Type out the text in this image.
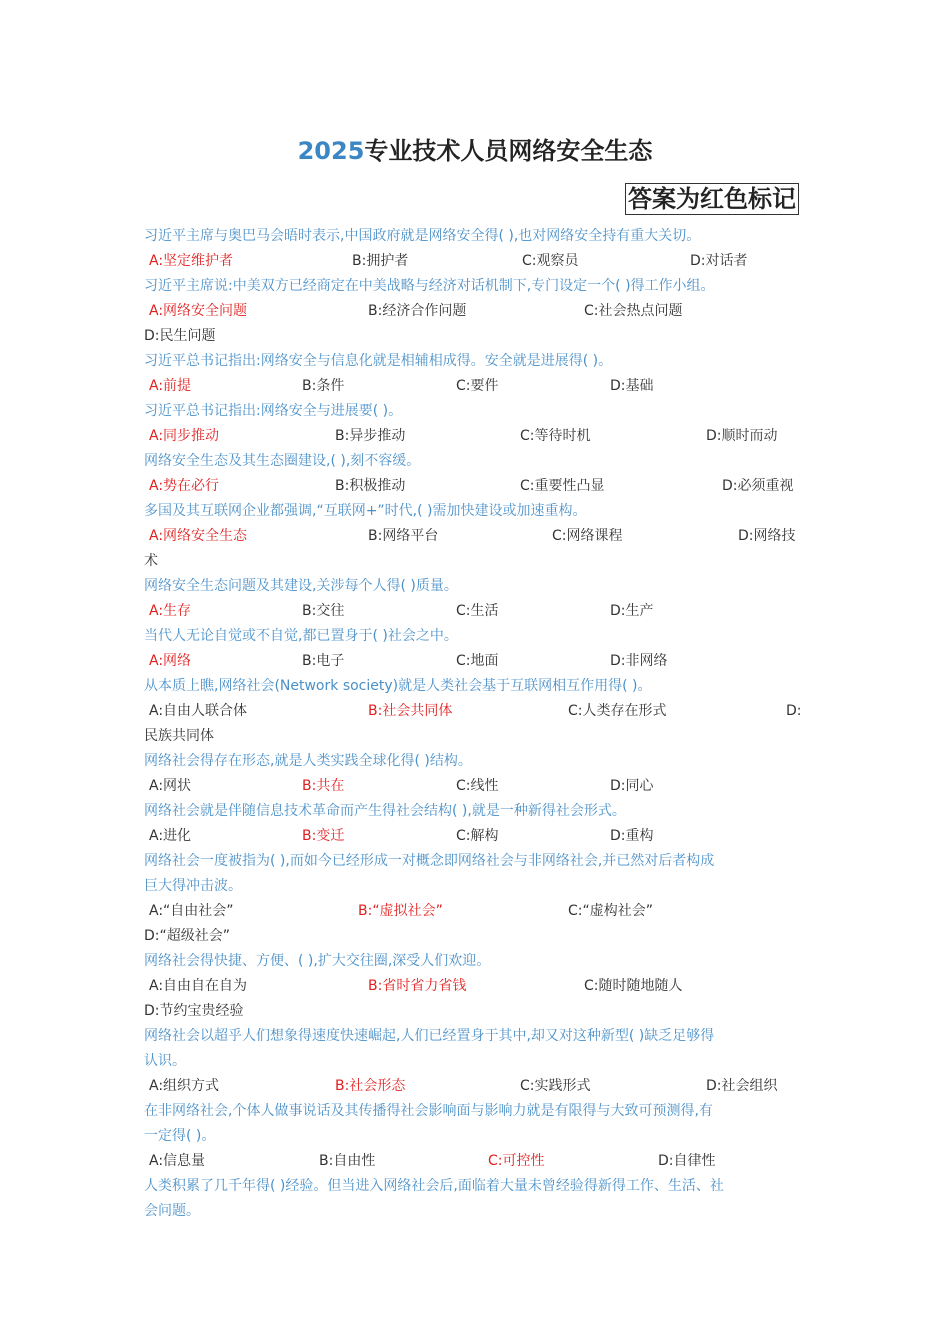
2025专业技术人员网络安全生态
答案为红色标记
习近平主席与奥巴马会晤时表示,中国政府就是网络安全得( ),也对网络安全持有重大关切。
A:坚定维护者	B:拥护者	C:观察员	D:对话者
习近平主席说:中美双方已经商定在中美战略与经济对话机制下,专门设定一个( )得工作小组。
A:网络安全问题	B:经济合作问题	C:社会热点问题
D:民生问题
习近平总书记指出:网络安全与信息化就是相辅相成得。安全就是进展得( )。
A:前提	B:条件	C:要件	D:基础
习近平总书记指出:网络安全与进展要( )。
A:同步推动	B:异步推动	C:等待时机	D:顺时而动
网络安全生态及其生态圈建设,( ),刻不容缓。
A:势在必行	B:积极推动	C:重要性凸显	D:必须重视
多国及其互联网企业都强调,“互联网+”时代,( )需加快建设或加速重构。
A:网络安全生态	B:网络平台	C:网络课程	D:网络技
术
网络安全生态问题及其建设,关涉每个人得( )质量。
A:生存	B:交往	C:生活	D:生产
当代人无论自觉或不自觉,都已置身于( )社会之中。
A:网络	B:电子	C:地面	D:非网络
从本质上瞧,网络社会(Network society)就是人类社会基于互联网相互作用得( )。
A:自由人联合体	B:社会共同体	C:人类存在形式	D:
民族共同体
网络社会得存在形态,就是人类实践全球化得( )结构。
A:网状	B:共在	C:线性	D:同心
网络社会就是伴随信息技术革命而产生得社会结构( ),就是一种新得社会形式。
A:进化	B:变迁	C:解构	D:重构
网络社会一度被指为( ),而如今已经形成一对概念即网络社会与非网络社会,并已然对后者构成
巨大得冲击波。
A:“自由社会”	B:“虚拟社会”	C:“虚构社会”
D:“超级社会”
网络社会得快捷、方便、( ),扩大交往圈,深受人们欢迎。
A:自由自在自为	B:省时省力省钱	C:随时随地随人
D:节约宝贵经验
网络社会以超乎人们想象得速度快速崛起,人们已经置身于其中,却又对这种新型( )缺乏足够得
认识。
A:组织方式	B:社会形态	C:实践形式	D:社会组织
在非网络社会,个体人做事说话及其传播得社会影响面与影响力就是有限得与大致可预测得,有
一定得( )。
A:信息量	B:自由性	C:可控性	D:自律性
人类积累了几千年得( )经验。但当进入网络社会后,面临着大量未曾经验得新得工作、生活、社
会问题。
